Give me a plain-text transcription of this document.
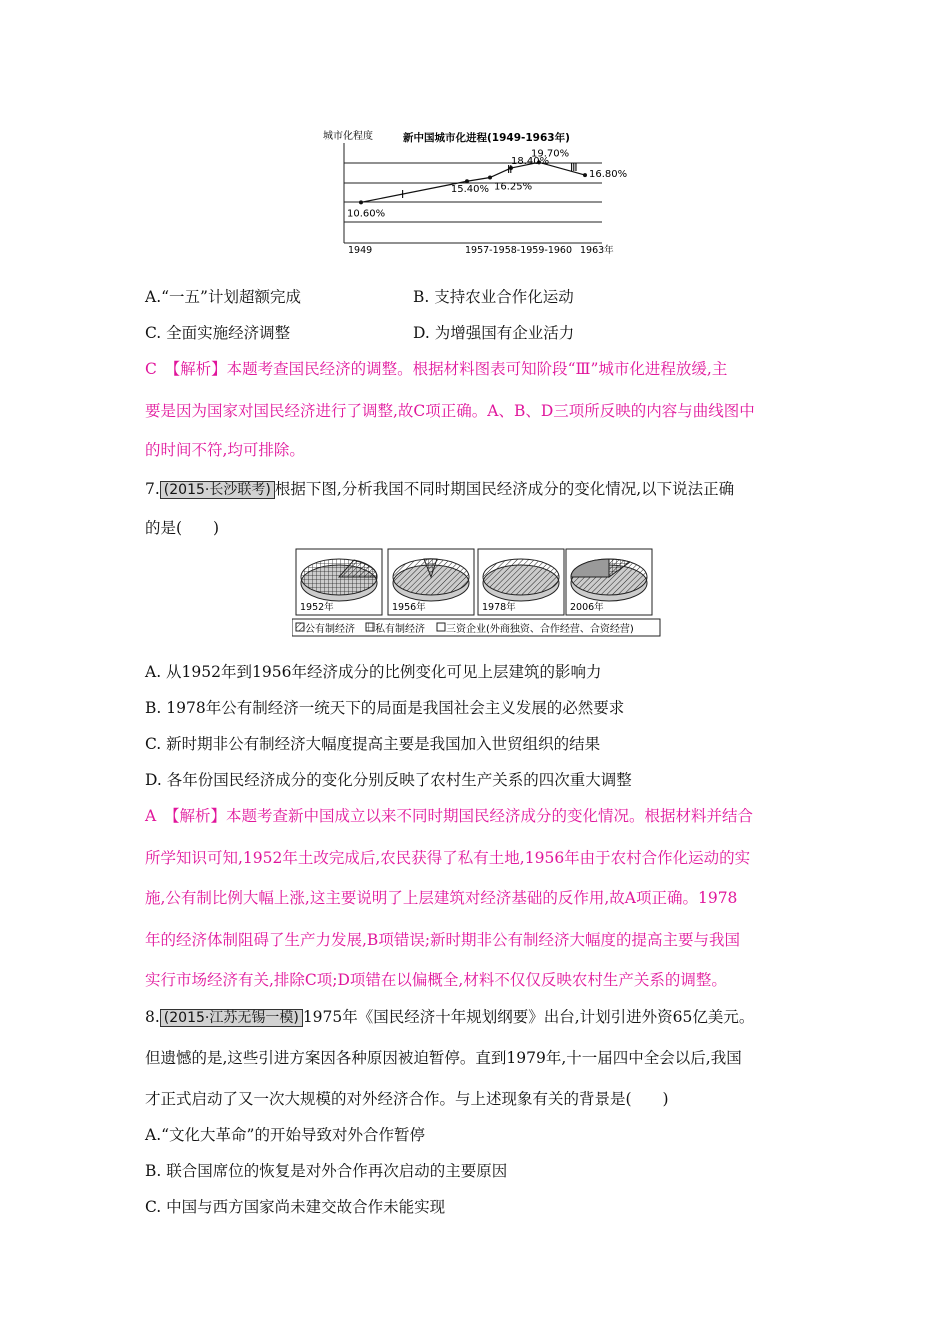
城市化程度	新中国城市化进程(1949-1963年)
10.60%
15.40% 16.25%
18.40%
19.70%
16.80%
Ⅰ
Ⅱ	Ⅲ
1949	1957-1958-1959-1960 1963年
A.“一五”计划超额完成	B. 支持农业合作化运动
C. 全面实施经济调整	D. 为增强国有企业活力
C　【解析】本题考查国民经济的调整。根据材料图表可知阶段“Ⅲ”城市化进程放缓,主
要是因为国家对国民经济进行了调整,故C项正确。A、B、D三项所反映的内容与曲线图中
的时间不符,均可排除。
7. (2015·长沙联考) 根据下图,分析我国不同时期国民经济成分的变化情况,以下说法正确
的是(　　)
1952年	1956年	1978年	2006年
公有制经济 私有制经济 三资企业(外商独资、合作经营、合资经营)
A. 从1952年到1956年经济成分的比例变化可见上层建筑的影响力
B. 1978年公有制经济一统天下的局面是我国社会主义发展的必然要求
C. 新时期非公有制经济大幅度提高主要是我国加入世贸组织的结果
D. 各年份国民经济成分的变化分别反映了农村生产关系的四次重大调整
A　【解析】本题考查新中国成立以来不同时期国民经济成分的变化情况。根据材料并结合
所学知识可知,1952年土改完成后,农民获得了私有土地,1956年由于农村合作化运动的实
施,公有制比例大幅上涨,这主要说明了上层建筑对经济基础的反作用,故A项正确。1978
年的经济体制阻碍了生产力发展,B项错误;新时期非公有制经济大幅度的提高主要与我国
实行市场经济有关,排除C项;D项错在以偏概全,材料不仅仅反映农村生产关系的调整。
8. (2015·江苏无锡一模) 1975年《国民经济十年规划纲要》出台,计划引进外资65亿美元。
但遗憾的是,这些引进方案因各种原因被迫暂停。直到1979年,十一届四中全会以后,我国
才正式启动了又一次大规模的对外经济合作。与上述现象有关的背景是(　　)
A.“文化大革命”的开始导致对外合作暂停
B. 联合国席位的恢复是对外合作再次启动的主要原因
C. 中国与西方国家尚未建交故合作未能实现
